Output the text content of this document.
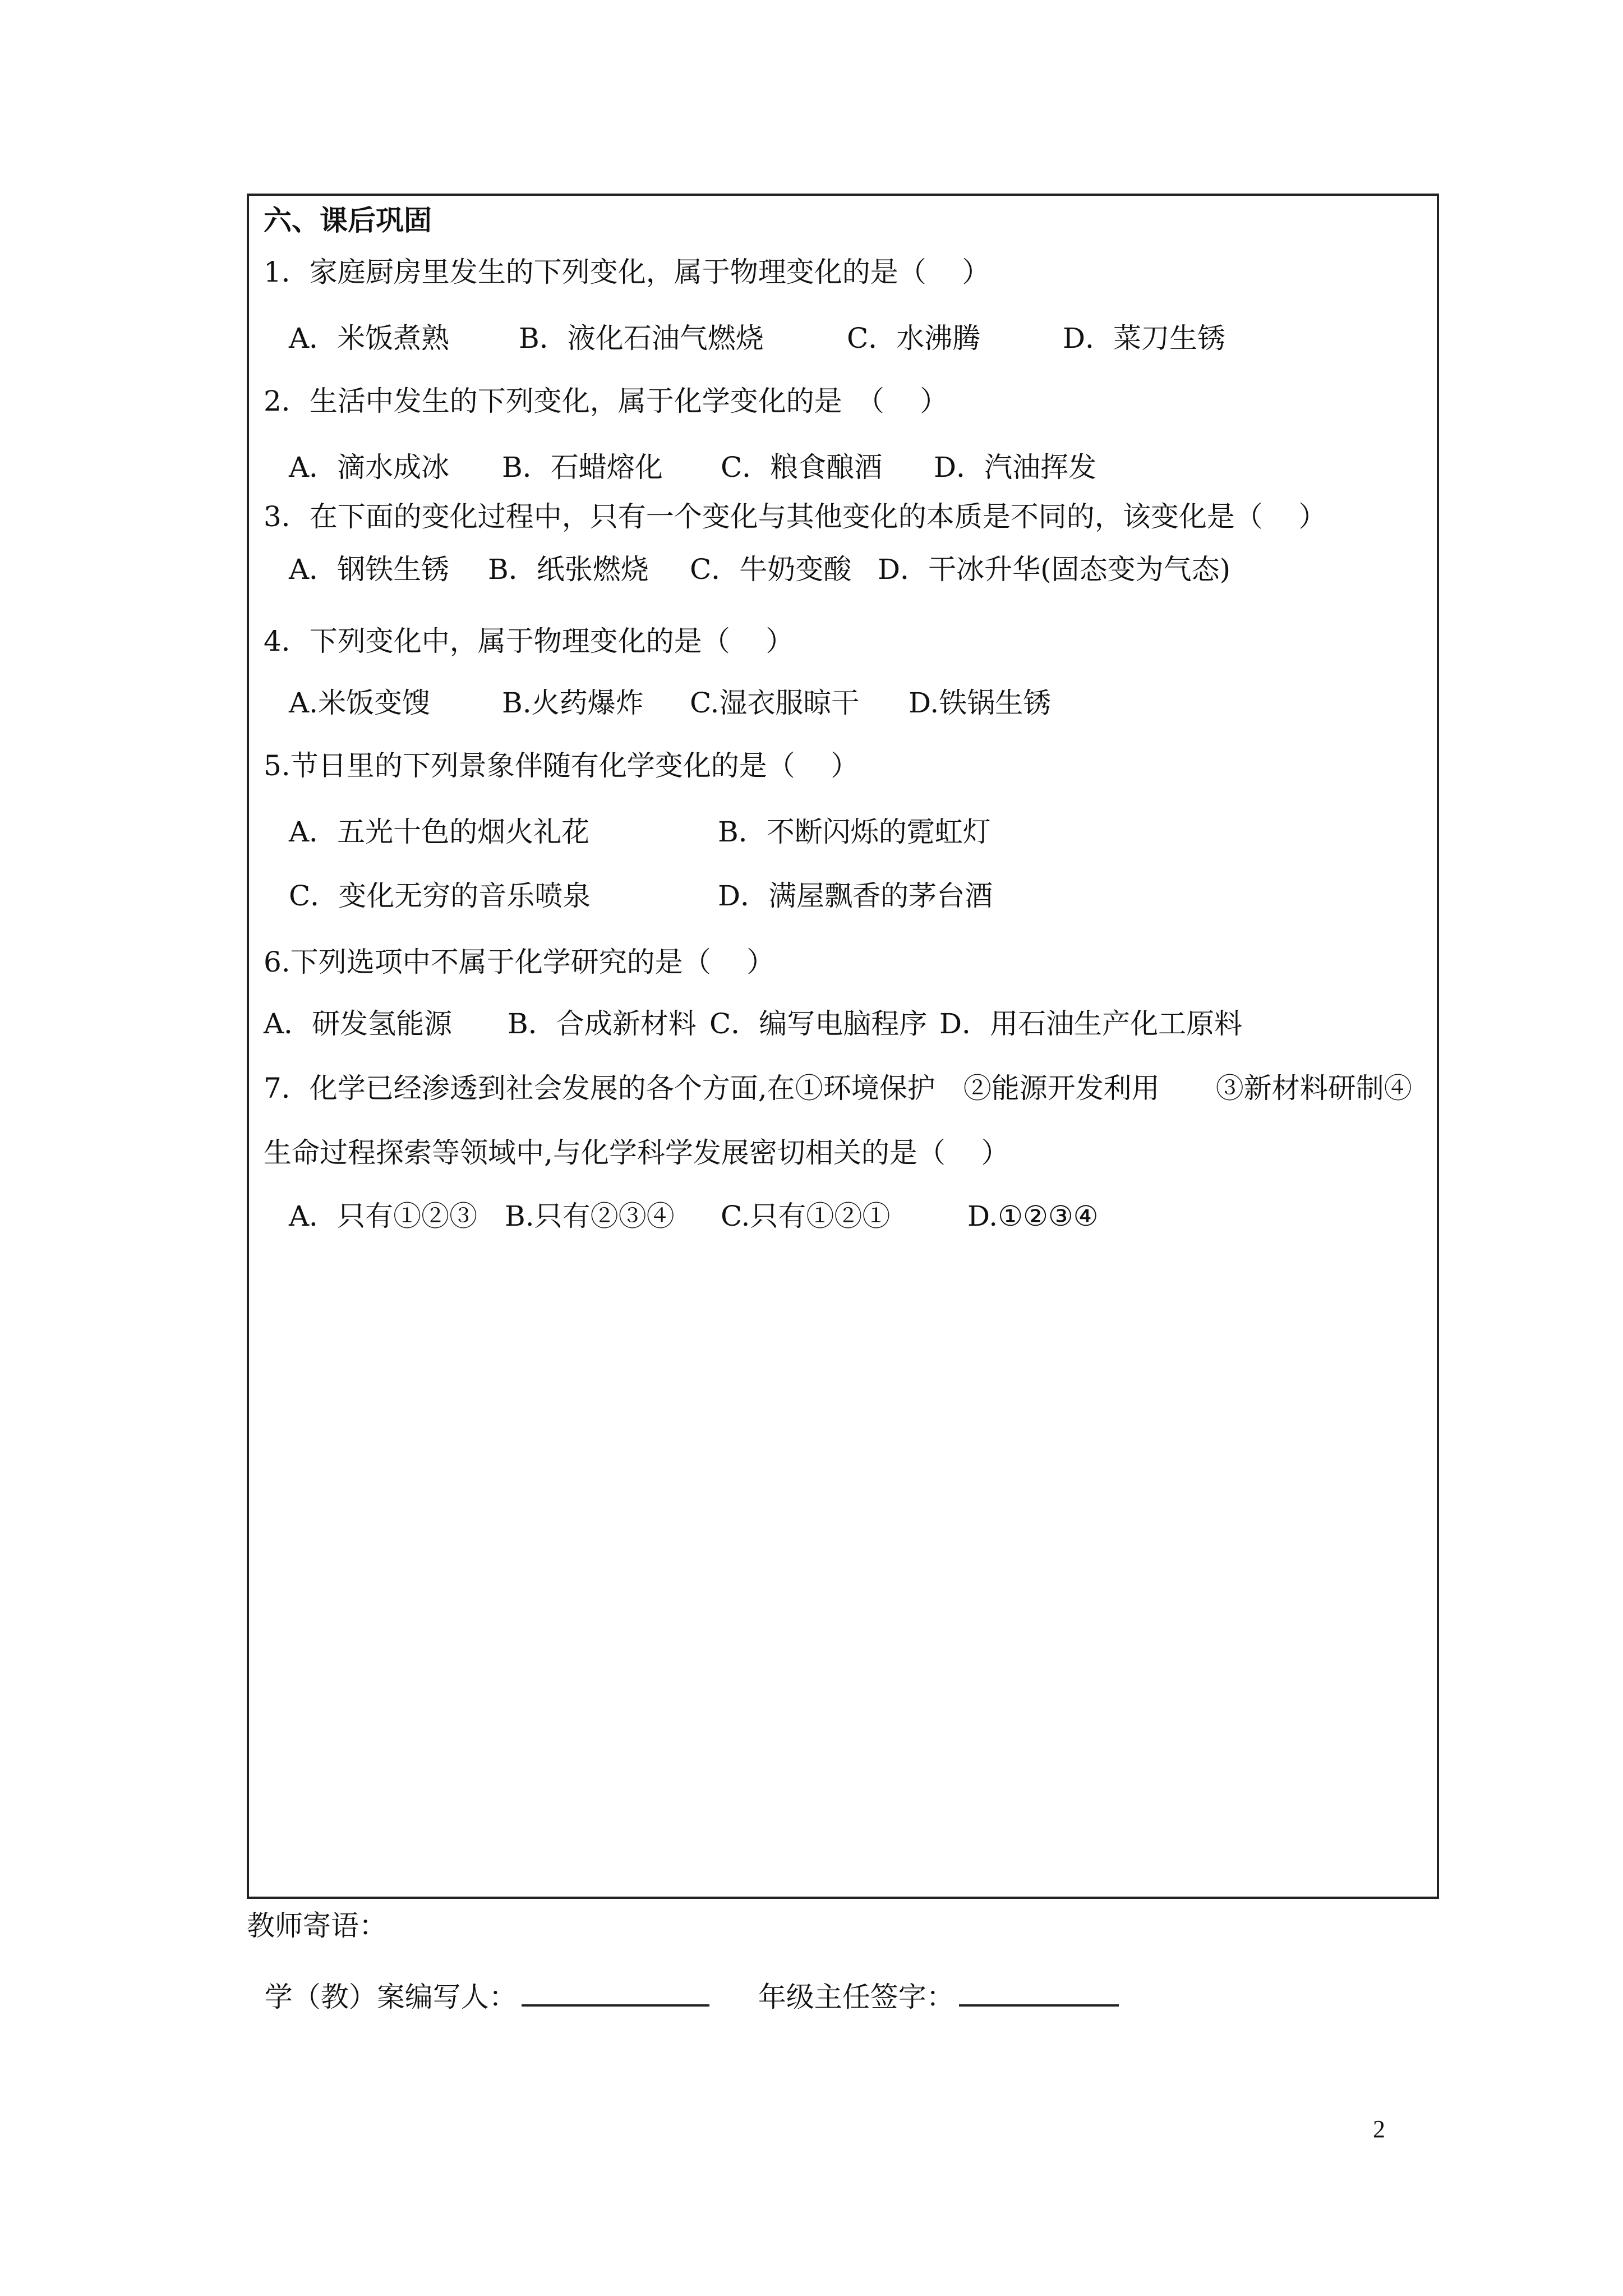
六、课后巩固
1．家庭厨房里发生的下列变化，属于物理变化的是（    ）
A．米饭煮熟 B．液化石油气燃烧	C．水沸腾	D．菜刀生锈
2．生活中发生的下列变化，属于化学变化的是　（    ）
A．滴水成冰 B．石蜡熔化 C．粮食酿酒 D．汽油挥发
3．在下面的变化过程中，只有一个变化与其他变化的本质是不同的，该变化是（    ）
A．钢铁生锈 B．纸张燃烧 C．牛奶变酸 D．干冰升华(固态变为气态)
4．下列变化中，属于物理变化的是（    ）
A.米饭变馊	B.火药爆炸 C.湿衣服晾干 D.铁锅生锈
5.节日里的下列景象伴随有化学变化的是（    ）
A．五光十色的烟火礼花	B．不断闪烁的霓虹灯
C．变化无穷的音乐喷泉	D．满屋飘香的茅台酒
6.下列选项中不属于化学研究的是（    ）
A．研发氢能源 B．合成新材料 C．编写电脑程序 D．用石油生产化工原料
7．化学已经渗透到社会发展的各个方面,在①环境保护　②能源开发利用　　③新材料研制④
生命过程探索等领域中,与化学科学发展密切相关的是（    ）
A．只有①②③ B.只有②③④ C.只有①②①	D.①②③④
教师寄语：

学（教）案编写人：	年级主任签字：

2
